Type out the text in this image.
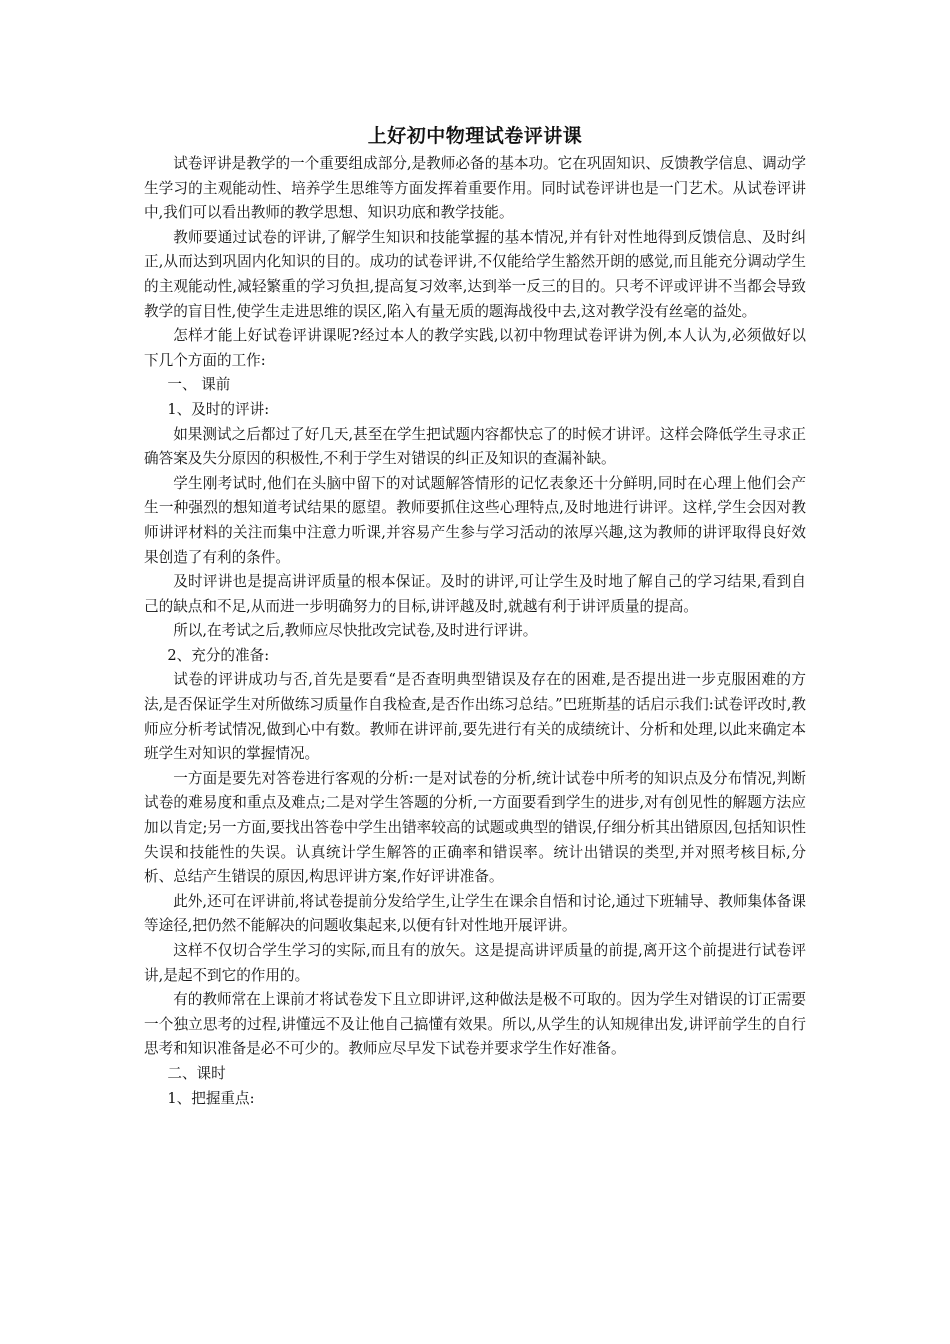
上好初中物理试卷评讲课

试卷评讲是教学的一个重要组成部分,是教师必备的基本功。它在巩固知识、反馈教学信息、调动学生学习的主观能动性、培养学生思维等方面发挥着重要作用。同时试卷评讲也是一门艺术。从试卷评讲中,我们可以看出教师的教学思想、知识功底和教学技能。

教师要通过试卷的评讲,了解学生知识和技能掌握的基本情况,并有针对性地得到反馈信息、及时纠正,从而达到巩固内化知识的目的。成功的试卷评讲,不仅能给学生豁然开朗的感觉,而且能充分调动学生的主观能动性,减轻繁重的学习负担,提高复习效率,达到举一反三的目的。只考不评或评讲不当都会导致教学的盲目性,使学生走进思维的误区,陷入有量无质的题海战役中去,这对教学没有丝毫的益处。

怎样才能上好试卷评讲课呢?经过本人的教学实践,以初中物理试卷评讲为例,本人认为,必须做好以下几个方面的工作:

一、 课前

1、及时的评讲:

如果测试之后都过了好几天,甚至在学生把试题内容都快忘了的时候才讲评。这样会降低学生寻求正确答案及失分原因的积极性,不利于学生对错误的纠正及知识的查漏补缺。

学生刚考试时,他们在头脑中留下的对试题解答情形的记忆表象还十分鲜明,同时在心理上他们会产生一种强烈的想知道考试结果的愿望。教师要抓住这些心理特点,及时地进行讲评。这样,学生会因对教师讲评材料的关注而集中注意力听课,并容易产生参与学习活动的浓厚兴趣,这为教师的讲评取得良好效果创造了有利的条件。

及时评讲也是提高讲评质量的根本保证。及时的讲评,可让学生及时地了解自己的学习结果,看到自己的缺点和不足,从而进一步明确努力的目标,讲评越及时,就越有利于讲评质量的提高。

所以,在考试之后,教师应尽快批改完试卷,及时进行评讲。

2、充分的准备:

试卷的评讲成功与否,首先是要看“是否查明典型错误及存在的困难,是否提出进一步克服困难的方法,是否保证学生对所做练习质量作自我检查,是否作出练习总结。”巴班斯基的话启示我们:试卷评改时,教师应分析考试情况,做到心中有数。教师在讲评前,要先进行有关的成绩统计、分析和处理,以此来确定本班学生对知识的掌握情况。

一方面是要先对答卷进行客观的分析:一是对试卷的分析,统计试卷中所考的知识点及分布情况,判断试卷的难易度和重点及难点;二是对学生答题的分析,一方面要看到学生的进步,对有创见性的解题方法应加以肯定;另一方面,要找出答卷中学生出错率较高的试题或典型的错误,仔细分析其出错原因,包括知识性失误和技能性的失误。认真统计学生解答的正确率和错误率。统计出错误的类型,并对照考核目标,分析、总结产生错误的原因,构思评讲方案,作好评讲准备。

此外,还可在评讲前,将试卷提前分发给学生,让学生在课余自悟和讨论,通过下班辅导、教师集体备课等途径,把仍然不能解决的问题收集起来,以便有针对性地开展评讲。

这样不仅切合学生学习的实际,而且有的放矢。这是提高讲评质量的前提,离开这个前提进行试卷评讲,是起不到它的作用的。

有的教师常在上课前才将试卷发下且立即讲评,这种做法是极不可取的。因为学生对错误的订正需要一个独立思考的过程,讲懂远不及让他自己搞懂有效果。所以,从学生的认知规律出发,讲评前学生的自行思考和知识准备是必不可少的。教师应尽早发下试卷并要求学生作好准备。

二、课时

1、把握重点:
